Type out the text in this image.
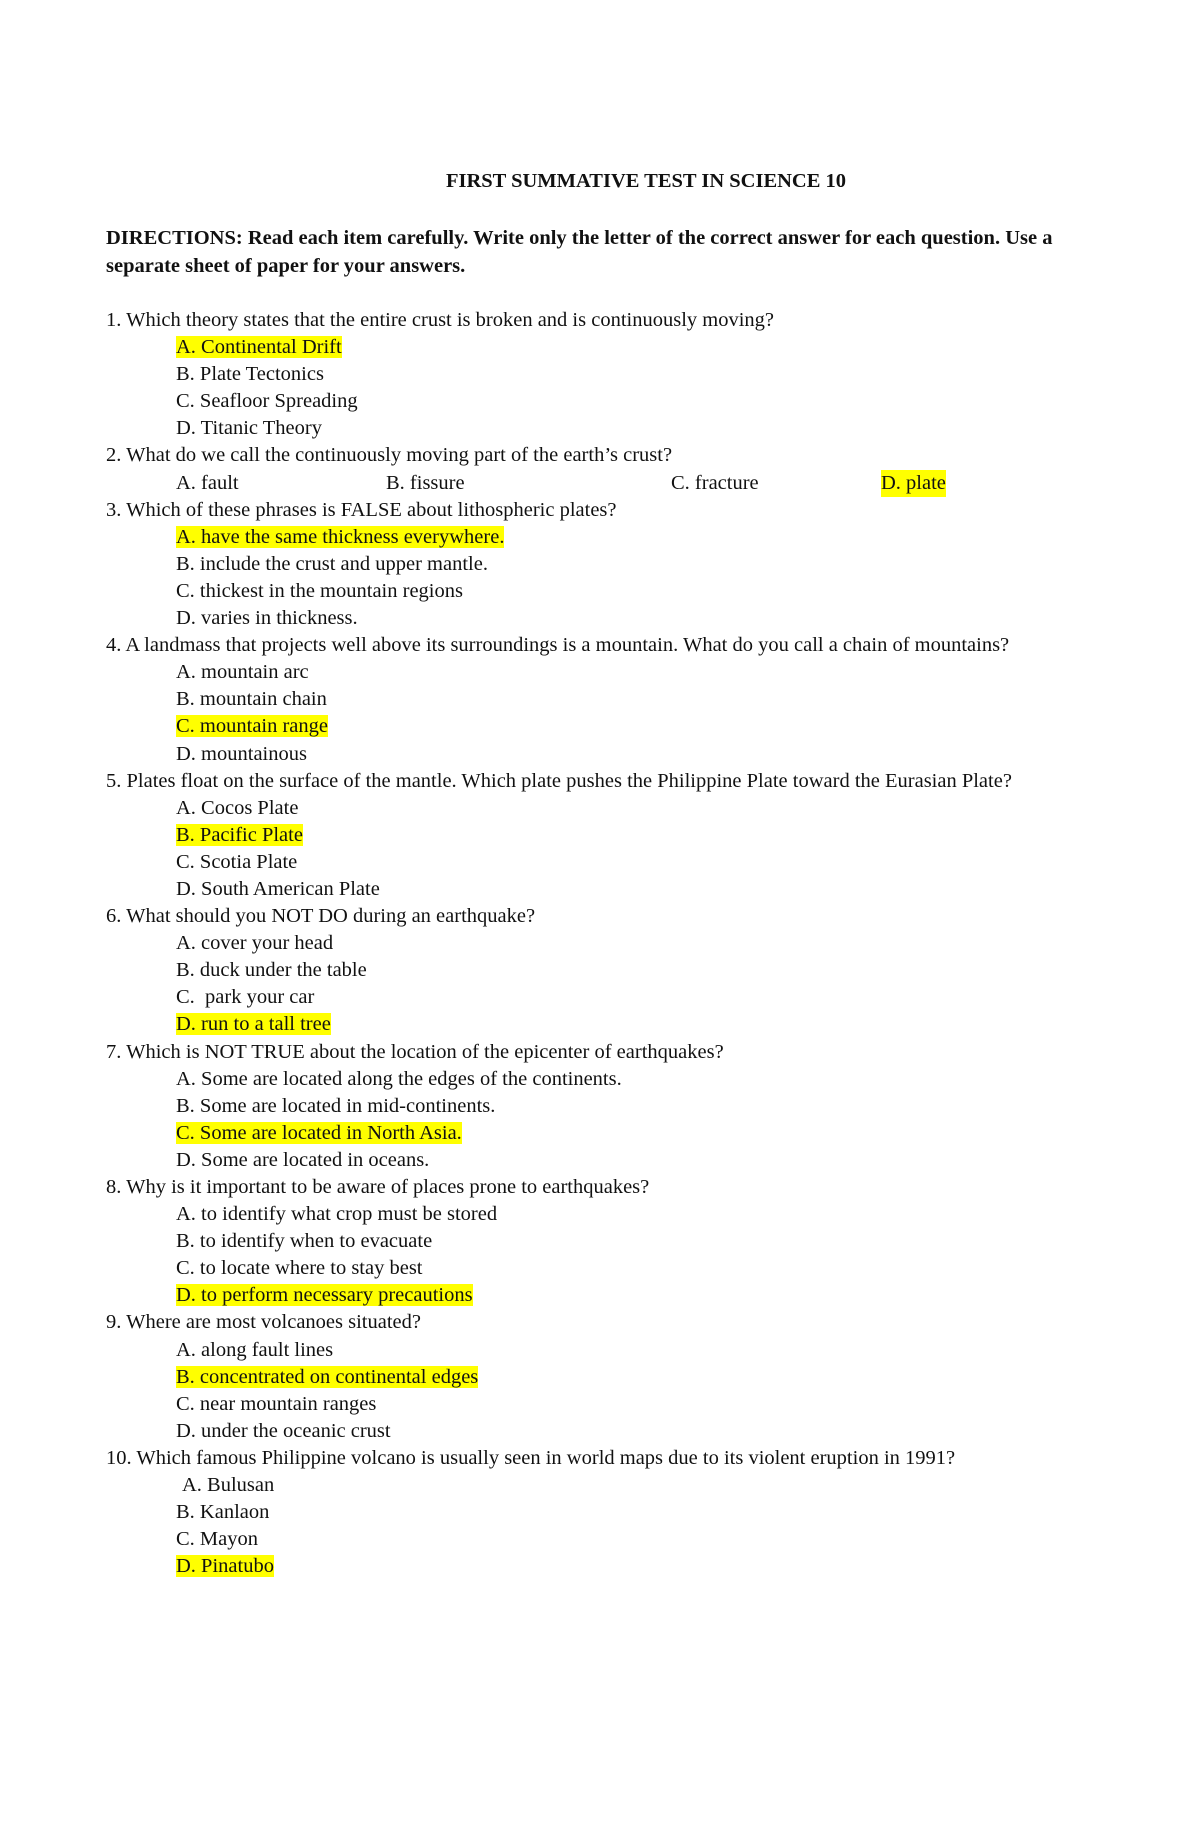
FIRST SUMMATIVE TEST IN SCIENCE 10
DIRECTIONS: Read each item carefully. Write only the letter of the correct answer for each question. Use a separate sheet of paper for your answers.
1. Which theory states that the entire crust is broken and is continuously moving?
A. Continental Drift
B. Plate Tectonics
C. Seafloor Spreading
D. Titanic Theory
2. What do we call the continuously moving part of the earth’s crust?
A. fault	B. fissure	C. fracture	D. plate
3. Which of these phrases is FALSE about lithospheric plates?
A. have the same thickness everywhere.
B. include the crust and upper mantle.
C. thickest in the mountain regions
D. varies in thickness.
4. A landmass that projects well above its surroundings is a mountain. What do you call a chain of mountains?
A. mountain arc
B. mountain chain
C. mountain range
D. mountainous
5. Plates float on the surface of the mantle. Which plate pushes the Philippine Plate toward the Eurasian Plate?
A. Cocos Plate
B. Pacific Plate
C. Scotia Plate
D. South American Plate
6. What should you NOT DO during an earthquake?
A. cover your head
B. duck under the table
C.  park your car
D. run to a tall tree
7. Which is NOT TRUE about the location of the epicenter of earthquakes?
A. Some are located along the edges of the continents.
B. Some are located in mid-continents.
C. Some are located in North Asia.
D. Some are located in oceans.
8. Why is it important to be aware of places prone to earthquakes?
A. to identify what crop must be stored
B. to identify when to evacuate
C. to locate where to stay best
D. to perform necessary precautions
9. Where are most volcanoes situated?
A. along fault lines
B. concentrated on continental edges
C. near mountain ranges
D. under the oceanic crust
10. Which famous Philippine volcano is usually seen in world maps due to its violent eruption in 1991?
A. Bulusan
B. Kanlaon
C. Mayon
D. Pinatubo
